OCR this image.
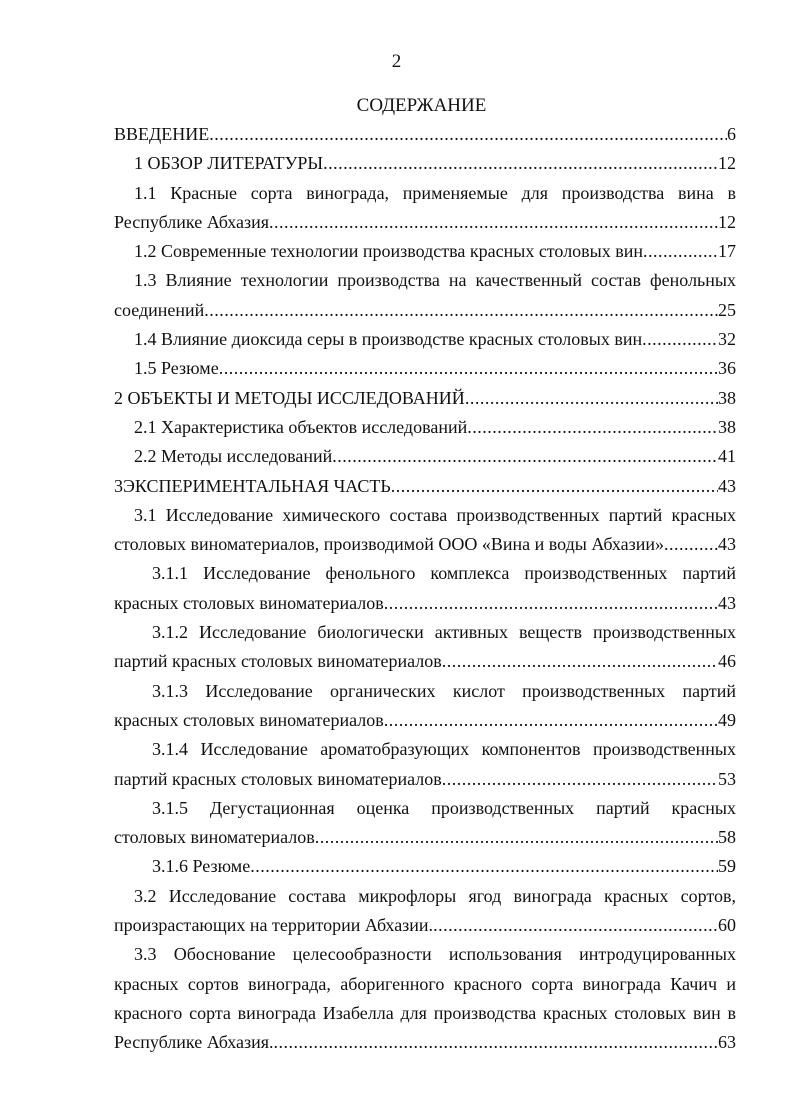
2
СОДЕРЖАНИЕ
ВВЕДЕНИЕ .....	6
1 ОБЗОР ЛИТЕРАТУРЫ .....	12
1.1 Красные сорта винограда, применяемые для производства вина в
Республике Абхазия .....	12
1.2 Современные технологии производства красных столовых вин .....	17
1.3 Влияние технологии производства на качественный состав фенольных
соединений .....	25
1.4 Влияние диоксида серы в производстве красных столовых вин .....	32
1.5 Резюме .....	36
2 ОБЪЕКТЫ И МЕТОДЫ ИССЛЕДОВАНИЙ .....	38
2.1 Характеристика объектов исследований .....	38
2.2 Методы исследований .....	41
3ЭКСПЕРИМЕНТАЛЬНАЯ ЧАСТЬ .....	43
3.1 Исследование химического состава производственных партий красных
столовых виноматериалов, производимой ООО «Вина и воды Абхазии» .....	43
3.1.1 Исследование фенольного комплекса производственных партий
красных столовых виноматериалов .....	43
3.1.2 Исследование биологически активных веществ производственных
партий красных столовых виноматериалов .....	46
3.1.3 Исследование органических кислот производственных партий
красных столовых виноматериалов .....	49
3.1.4 Исследование ароматобразующих компонентов производственных
партий красных столовых виноматериалов .....	53
3.1.5 Дегустационная оценка производственных партий красных
столовых виноматериалов .....	58
3.1.6 Резюме .....	59
3.2 Исследование состава микрофлоры ягод винограда красных сортов,
произрастающих на территории Абхазии. .....	60
3.3 Обоснование целесообразности использования интродуцированных
красных сортов винограда, аборигенного красного сорта винограда Качич и
красного сорта винограда Изабелла для производства красных столовых вин в
Республике Абхазия. .....	63
